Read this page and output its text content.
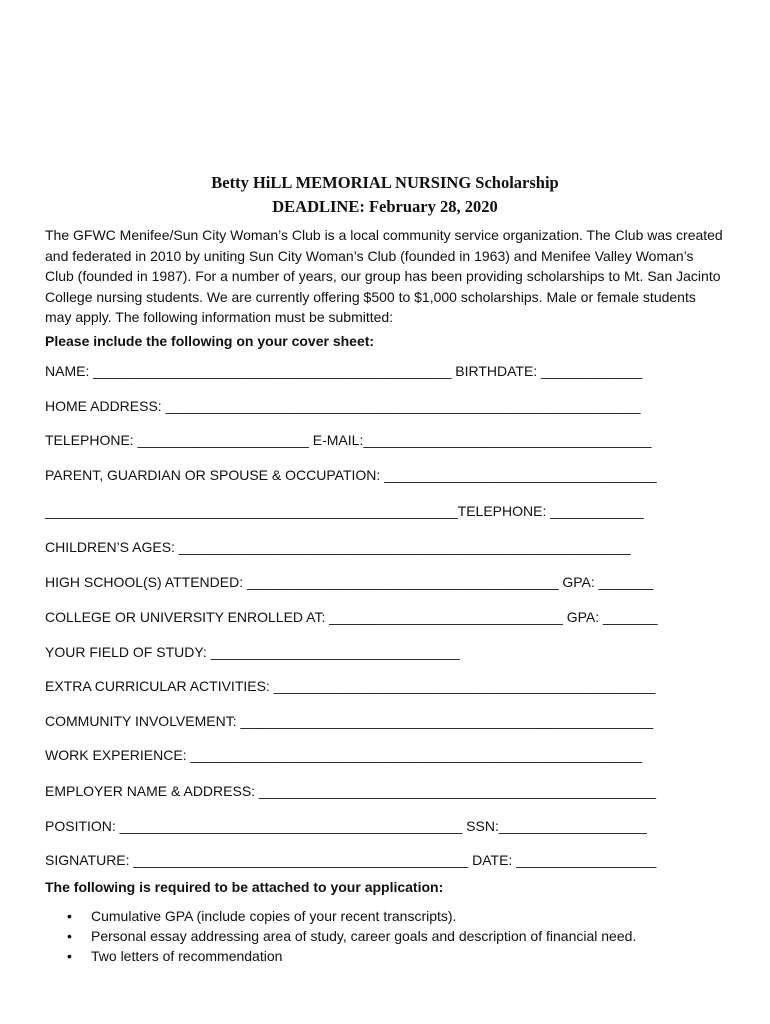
Betty HiLL MEMORIAL NURSING Scholarship
DEADLINE: February 28, 2020

The GFWC Menifee/Sun City Woman’s Club is a local community service organization. The Club was created and federated in 2010 by uniting Sun City Woman’s Club (founded in 1963) and Menifee Valley Woman’s Club (founded in 1987). For a number of years, our group has been providing scholarships to Mt. San Jacinto College nursing students. We are currently offering $500 to $1,000 scholarships. Male or female students may apply. The following information must be submitted:

Please include the following on your cover sheet:
NAME: ______________________________________________ BIRTHDATE: _____________
HOME ADDRESS: _____________________________________________________________
TELEPHONE: ______________________ E-MAIL:_____________________________________
PARENT, GUARDIAN OR SPOUSE & OCCUPATION: ___________________________________
_____________________________________________________TELEPHONE: ____________
CHILDREN’S AGES: __________________________________________________________
HIGH SCHOOL(S) ATTENDED: ________________________________________ GPA: _______
COLLEGE OR UNIVERSITY ENROLLED AT: ______________________________ GPA: _______
YOUR FIELD OF STUDY: ________________________________
EXTRA CURRICULAR ACTIVITIES: _________________________________________________
COMMUNITY INVOLVEMENT: _____________________________________________________
WORK EXPERIENCE: __________________________________________________________
EMPLOYER NAME & ADDRESS: ___________________________________________________
POSITION: ____________________________________________ SSN:___________________
SIGNATURE: ___________________________________________ DATE: __________________
The following is required to be attached to your application:
• Cumulative GPA (include copies of your recent transcripts).
• Personal essay addressing area of study, career goals and description of financial need.
• Two letters of recommendation
